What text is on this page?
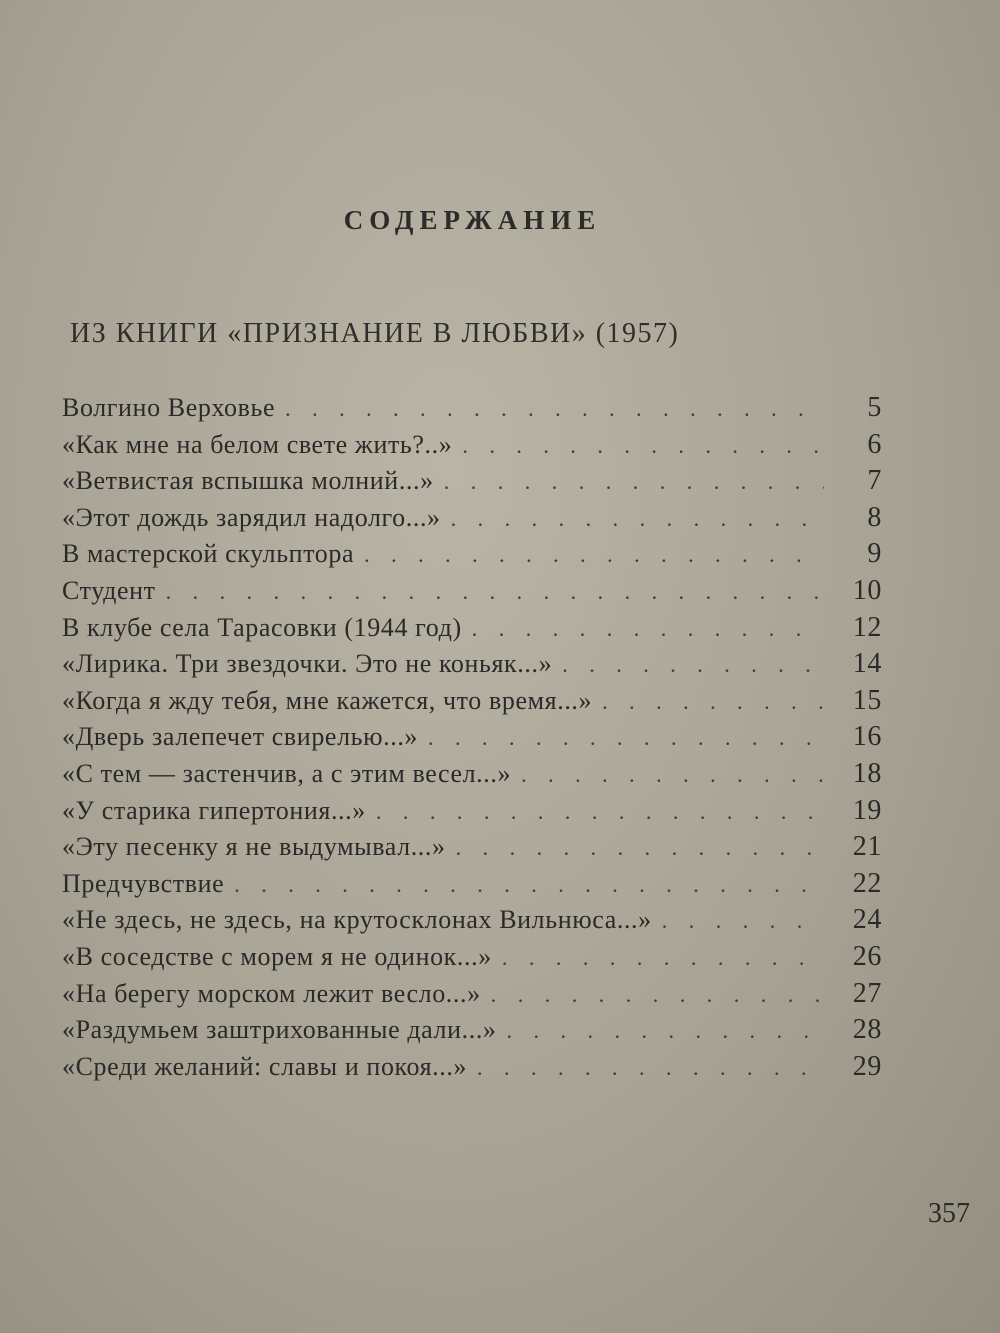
СОДЕРЖАНИЕ
ИЗ КНИГИ «ПРИЗНАНИЕ В ЛЮБВИ» (1957)
Волгино Верховье . . .	5
«Как мне на белом свете жить?..» . . .	6
«Ветвистая вспышка молний...» . . .	7
«Этот дождь зарядил надолго...» . . .	8
В мастерской скульптора . . .	9
Студент . . .	10
В клубе села Тарасовки (1944 год) . . .	12
«Лирика. Три звездочки. Это не коньяк...» . . .	14
«Когда я жду тебя, мне кажется, что время...» . . .	15
«Дверь залепечет свирелью...» . . .	16
«С тем — застенчив, а с этим весел...» . . .	18
«У старика гипертония...» . . .	19
«Эту песенку я не выдумывал...» . . .	21
Предчувствие . . .	22
«Не здесь, не здесь, на крутосклонах Вильнюса...» . . .	24
«В соседстве с морем я не одинок...» . . .	26
«На берегу морском лежит весло...» . . .	27
«Раздумьем заштрихованные дали...» . . .	28
«Среди желаний: славы и покоя...» . . .	29
357
